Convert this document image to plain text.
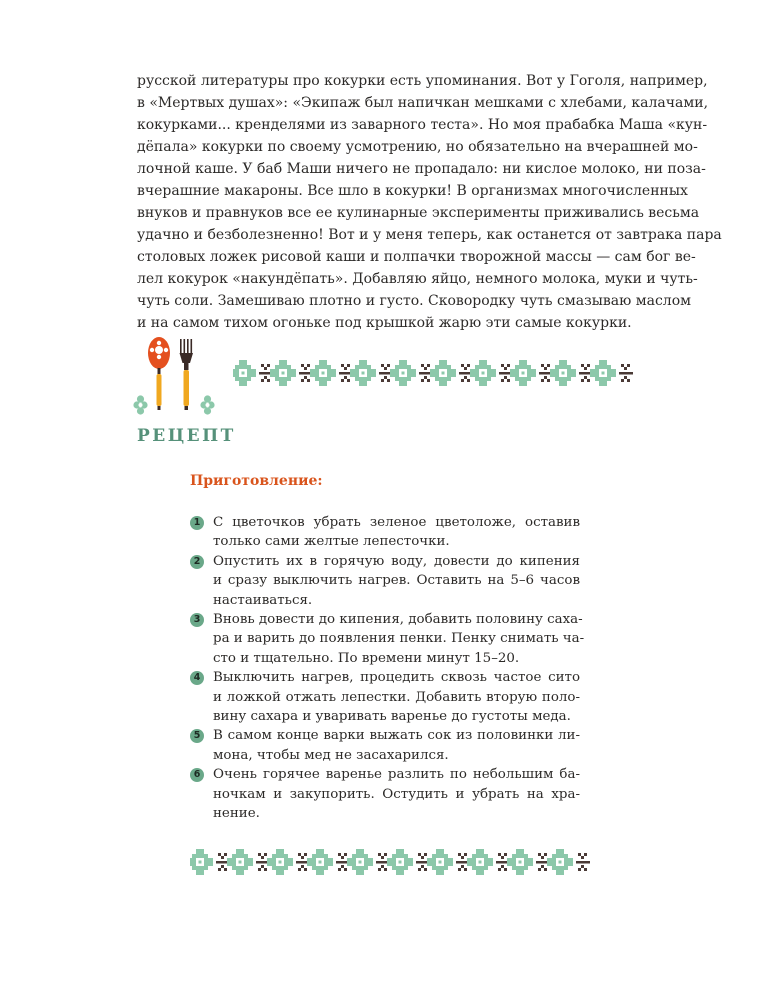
русской литературы про кокурки есть упоминания. Вот у Гоголя, например,
в «Мертвых душах»: «Экипаж был напичкан мешками с хлебами, калачами,
кокурками... кренделями из заварного теста». Но моя прабабка Маша «кун-
дёпала» кокурки по своему усмотрению, но обязательно на вчерашней мо-
лочной каше. У баб Маши ничего не пропадало: ни кислое молоко, ни поза-
вчерашние макароны. Все шло в кокурки! В организмах многочисленных
внуков и правнуков все ее кулинарные эксперименты приживались весьма
удачно и безболезненно! Вот и у меня теперь, как останется от завтрака пара
столовых ложек рисовой каши и полпачки творожной массы — сам бог ве-
лел кокурок «накундёпать». Добавляю яйцо, немного молока, муки и чуть-
чуть соли. Замешиваю плотно и густо. Сковородку чуть смазываю маслом
и на самом тихом огоньке под крышкой жарю эти самые кокурки.

РЕЦЕПТ
Приготовление:
1 С цветочков убрать зеленое цветоложе, оставив
только сами желтые лепесточки.
2 Опустить их в горячую воду, довести до кипения
и сразу выключить нагрев. Оставить на 5–6 часов
настаиваться.
3 Вновь довести до кипения, добавить половину саха-
ра и варить до появления пенки. Пенку снимать ча-
сто и тщательно. По времени минут 15–20.
4 Выключить нагрев, процедить сквозь частое сито
и ложкой отжать лепестки. Добавить вторую поло-
вину сахара и уваривать варенье до густоты меда.
5 В самом конце варки выжать сок из половинки ли-
мона, чтобы мед не засахарился.
6 Очень горячее варенье разлить по небольшим ба-
ночкам и закупорить. Остудить и убрать на хра-
нение.
